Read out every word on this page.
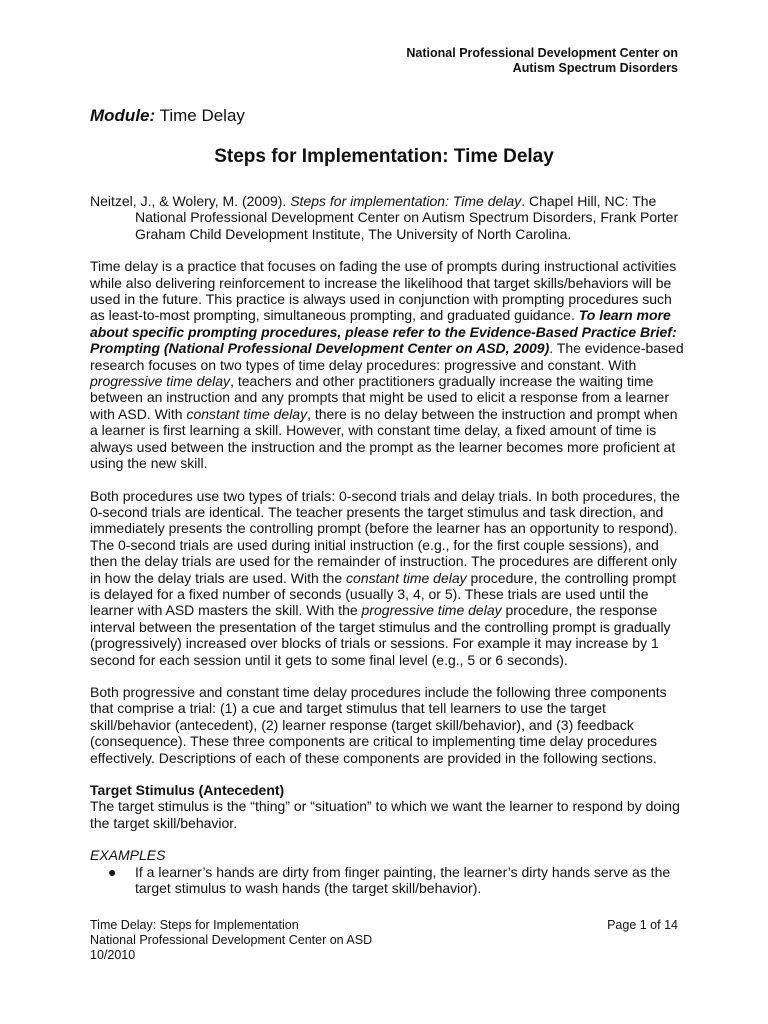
National Professional Development Center on
Autism Spectrum Disorders
Module: Time Delay
Steps for Implementation: Time Delay

Neitzel, J., & Wolery, M. (2009). Steps for implementation: Time delay. Chapel Hill, NC: The National Professional Development Center on Autism Spectrum Disorders, Frank Porter Graham Child Development Institute, The University of North Carolina.

Time delay is a practice that focuses on fading the use of prompts during instructional activities while also delivering reinforcement to increase the likelihood that target skills/behaviors will be used in the future. This practice is always used in conjunction with prompting procedures such as least-to-most prompting, simultaneous prompting, and graduated guidance. To learn more about specific prompting procedures, please refer to the Evidence-Based Practice Brief: Prompting (National Professional Development Center on ASD, 2009). The evidence-based research focuses on two types of time delay procedures: progressive and constant. With progressive time delay, teachers and other practitioners gradually increase the waiting time between an instruction and any prompts that might be used to elicit a response from a learner with ASD. With constant time delay, there is no delay between the instruction and prompt when a learner is first learning a skill. However, with constant time delay, a fixed amount of time is always used between the instruction and the prompt as the learner becomes more proficient at using the new skill.

Both procedures use two types of trials: 0-second trials and delay trials. In both procedures, the 0-second trials are identical. The teacher presents the target stimulus and task direction, and immediately presents the controlling prompt (before the learner has an opportunity to respond). The 0-second trials are used during initial instruction (e.g., for the first couple sessions), and then the delay trials are used for the remainder of instruction. The procedures are different only in how the delay trials are used. With the constant time delay procedure, the controlling prompt is delayed for a fixed number of seconds (usually 3, 4, or 5). These trials are used until the learner with ASD masters the skill. With the progressive time delay procedure, the response interval between the presentation of the target stimulus and the controlling prompt is gradually (progressively) increased over blocks of trials or sessions. For example it may increase by 1 second for each session until it gets to some final level (e.g., 5 or 6 seconds).

Both progressive and constant time delay procedures include the following three components that comprise a trial: (1) a cue and target stimulus that tell learners to use the target skill/behavior (antecedent), (2) learner response (target skill/behavior), and (3) feedback (consequence). These three components are critical to implementing time delay procedures effectively. Descriptions of each of these components are provided in the following sections.

Target Stimulus (Antecedent)

The target stimulus is the “thing” or “situation” to which we want the learner to respond by doing the target skill/behavior.

EXAMPLES

● If a learner’s hands are dirty from finger painting, the learner’s dirty hands serve as the target stimulus to wash hands (the target skill/behavior).
Time Delay: Steps for Implementation
National Professional Development Center on ASD
10/2010
Page 1 of 14
